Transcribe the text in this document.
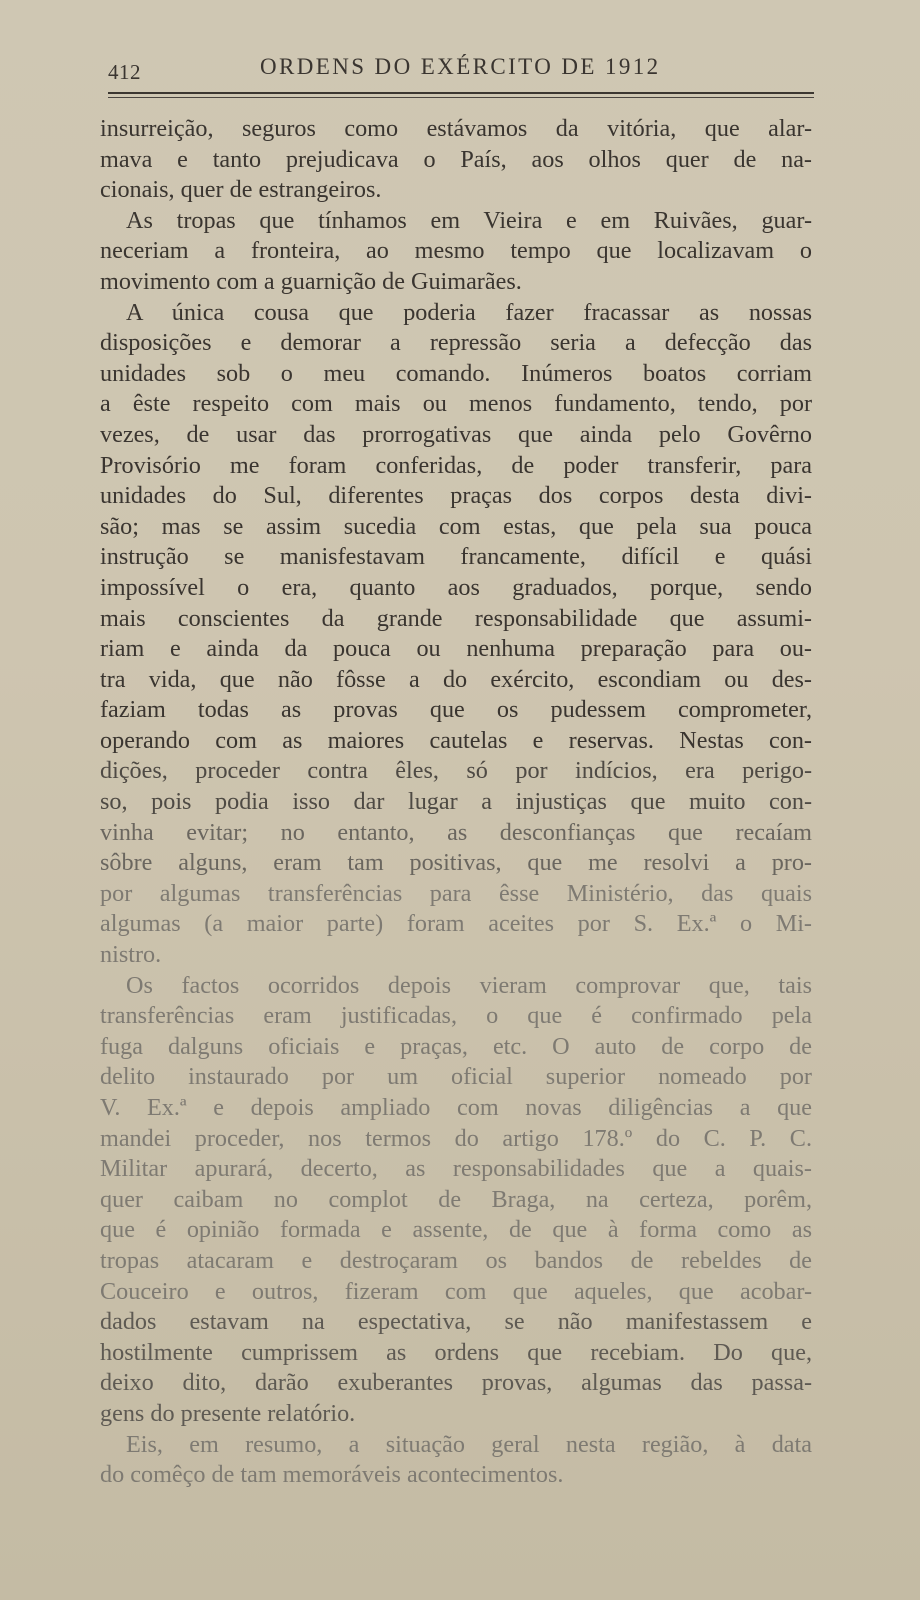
412	ORDENS DO EXÉRCITO DE 1912
insurreição, seguros como estávamos da vitória, que alar-
mava e tanto prejudicava o País, aos olhos quer de na-
cionais, quer de estrangeiros.
As tropas que tínhamos em Vieira e em Ruivães, guar-
neceriam a fronteira, ao mesmo tempo que localizavam o
movimento com a guarnição de Guimarães.
A única cousa que poderia fazer fracassar as nossas
disposições e demorar a repressão seria a defecção das
unidades sob o meu comando. Inúmeros boatos corriam
a êste respeito com mais ou menos fundamento, tendo, por
vezes, de usar das prorrogativas que ainda pelo Govêrno
Provisório me foram conferidas, de poder transferir, para
unidades do Sul, diferentes praças dos corpos desta divi-
são; mas se assim sucedia com estas, que pela sua pouca
instrução se manisfestavam francamente, difícil e quási
impossível o era, quanto aos graduados, porque, sendo
mais conscientes da grande responsabilidade que assumi-
riam e ainda da pouca ou nenhuma preparação para ou-
tra vida, que não fôsse a do exército, escondiam ou des-
faziam todas as provas que os pudessem comprometer,
operando com as maiores cautelas e reservas. Nestas con-
dições, proceder contra êles, só por indícios, era perigo-
so, pois podia isso dar lugar a injustiças que muito con-
vinha evitar; no entanto, as desconfianças que recaíam
sôbre alguns, eram tam positivas, que me resolvi a pro-
por algumas transferências para êsse Ministério, das quais
algumas (a maior parte) foram aceites por S. Ex.ª o Mi-
nistro.
Os factos ocorridos depois vieram comprovar que, tais
transferências eram justificadas, o que é confirmado pela
fuga dalguns oficiais e praças, etc. O auto de corpo de
delito instaurado por um oficial superior nomeado por
V. Ex.ª e depois ampliado com novas diligências a que
mandei proceder, nos termos do artigo 178.º do C. P. C.
Militar apurará, decerto, as responsabilidades que a quais-
quer caibam no complot de Braga, na certeza, porêm,
que é opinião formada e assente, de que à forma como as
tropas atacaram e destroçaram os bandos de rebeldes de
Couceiro e outros, fizeram com que aqueles, que acobar-
dados estavam na espectativa, se não manifestassem e
hostilmente cumprissem as ordens que recebiam. Do que,
deixo dito, darão exuberantes provas, algumas das passa-
gens do presente relatório.
Eis, em resumo, a situação geral nesta região, à data
do comêço de tam memoráveis acontecimentos.
